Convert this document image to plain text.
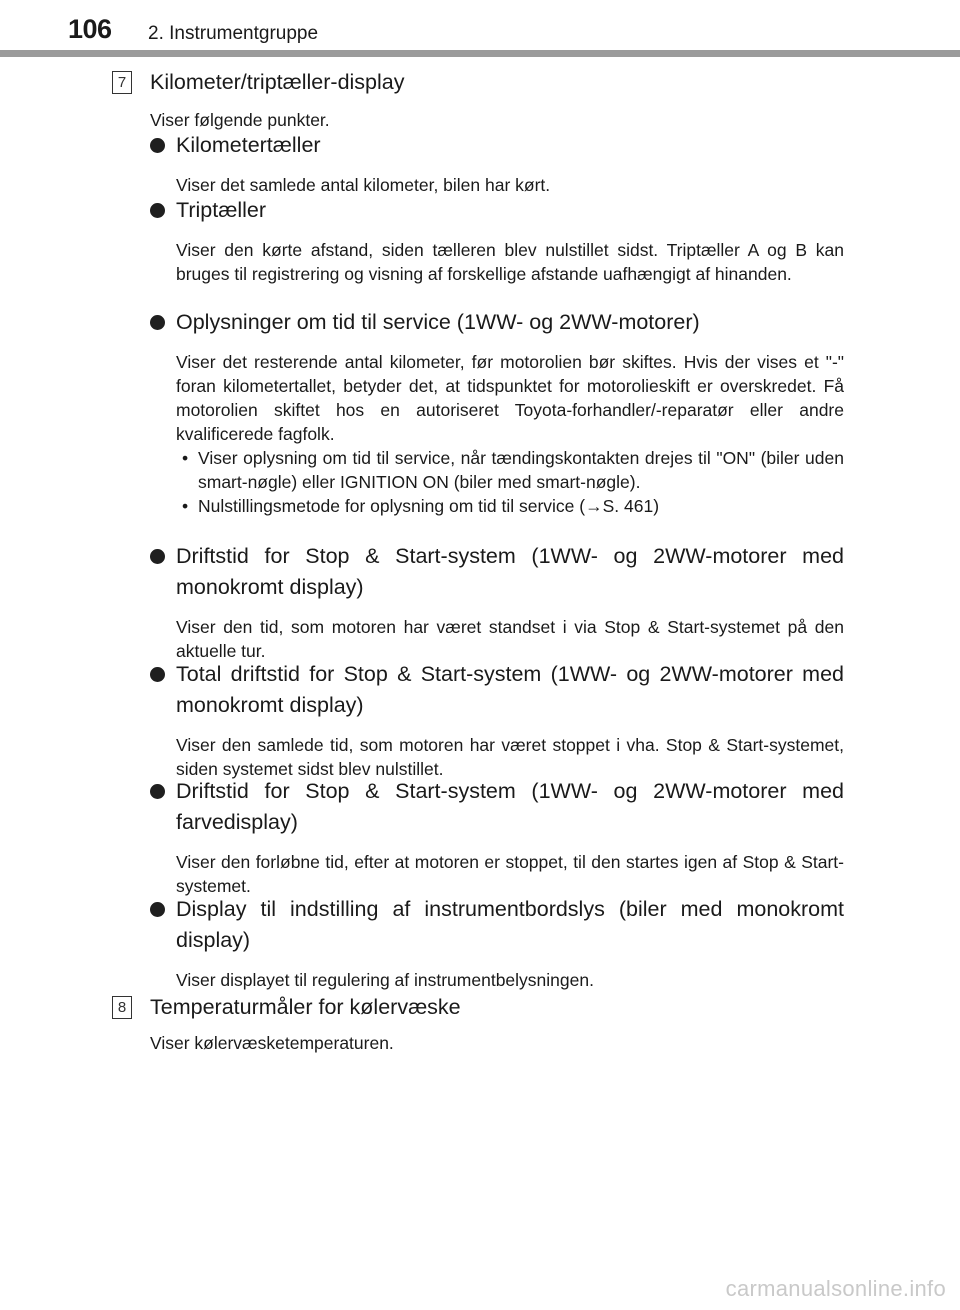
106 2. Instrumentgruppe
7 Kilometer/triptæller-display
Viser følgende punkter.
Kilometertæller
Viser det samlede antal kilometer, bilen har kørt.
Triptæller
Viser den kørte afstand, siden tælleren blev nulstillet sidst. Triptæller A og B kan bruges til registrering og visning af forskellige afstande uafhængigt af hinanden.
Oplysninger om tid til service (1WW- og 2WW-motorer)
Viser det resterende antal kilometer, før motorolien bør skiftes. Hvis der vises et "-" foran kilometertallet, betyder det, at tidspunktet for motorolieskift er overskredet. Få motorolien skiftet hos en autoriseret Toyota-forhandler/-reparatør eller andre kvalificerede fagfolk.
• Viser oplysning om tid til service, når tændingskontakten drejes til "ON" (biler uden smart-nøgle) eller IGNITION ON (biler med smart-nøgle).
• Nulstillingsmetode for oplysning om tid til service (→S. 461)
Driftstid for Stop & Start-system (1WW- og 2WW-motorer med monokromt display)
Viser den tid, som motoren har været standset i via Stop & Start-systemet på den aktuelle tur.
Total driftstid for Stop & Start-system (1WW- og 2WW-motorer med monokromt display)
Viser den samlede tid, som motoren har været stoppet i vha. Stop & Start-systemet, siden systemet sidst blev nulstillet.
Driftstid for Stop & Start-system (1WW- og 2WW-motorer med farvedisplay)
Viser den forløbne tid, efter at motoren er stoppet, til den startes igen af Stop & Start-systemet.
Display til indstilling af instrumentbordslys (biler med monokromt display)
Viser displayet til regulering af instrumentbelysningen.
8 Temperaturmåler for kølervæske
Viser kølervæsketemperaturen.
carmanualsonline.info
